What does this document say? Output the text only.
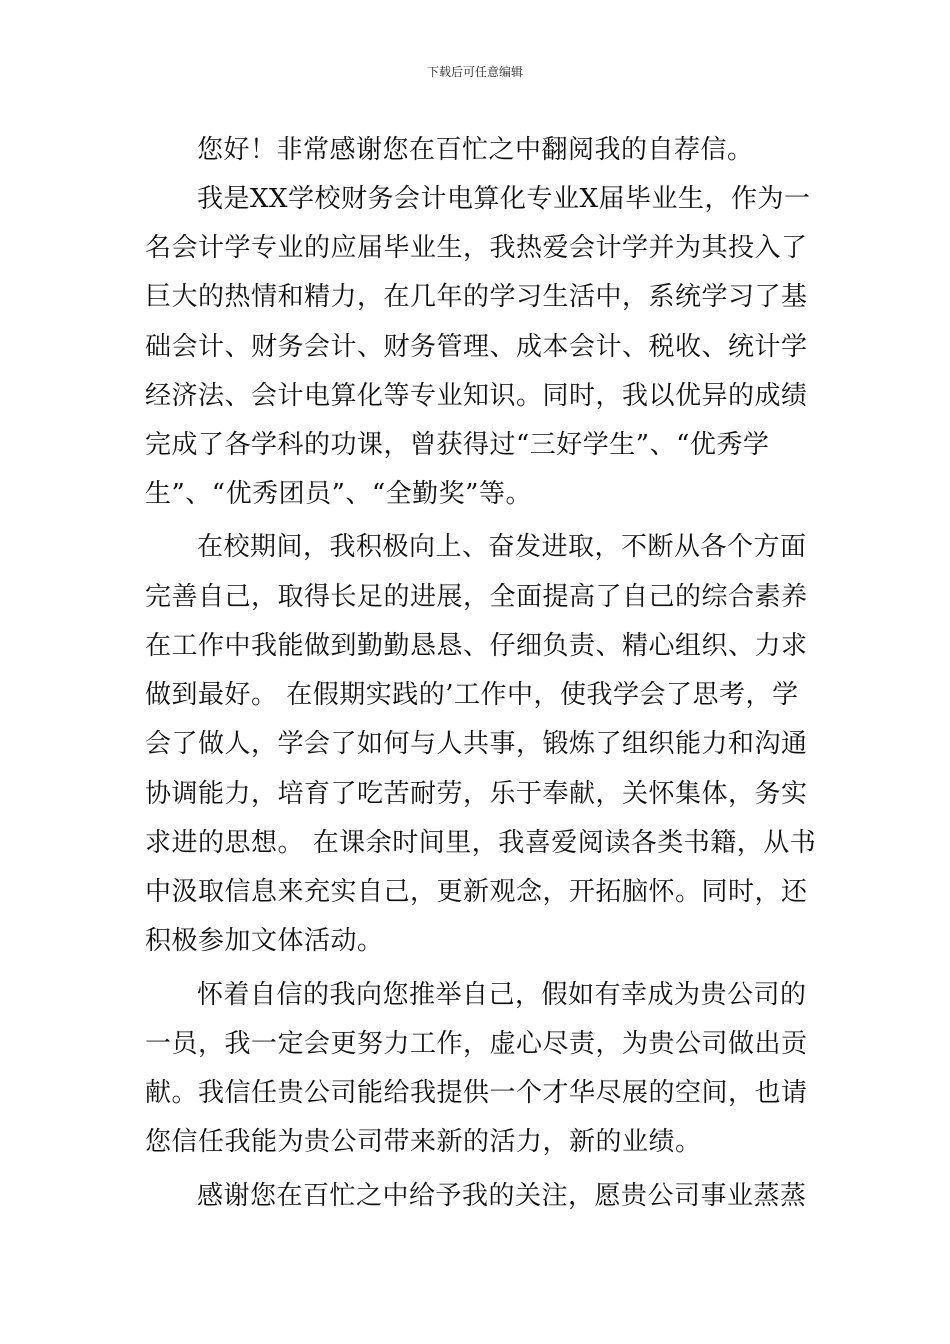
下载后可任意编辑
您好！非常感谢您在百忙之中翻阅我的自荐信。
我是XX学校财务会计电算化专业X届毕业生，作为一
名会计学专业的应届毕业生，我热爱会计学并为其投入了
巨大的热情和精力，在几年的学习生活中，系统学习了基
础会计、财务会计、财务管理、成本会计、税收、统计学
经济法、会计电算化等专业知识。同时，我以优异的成绩
完成了各学科的功课，曾获得过“三好学生”、“优秀学
生”、“优秀团员”、“全勤奖”等。
在校期间，我积极向上、奋发进取，不断从各个方面
完善自己，取得长足的进展，全面提高了自己的综合素养
在工作中我能做到勤勤恳恳、仔细负责、精心组织、力求
做到最好。 在假期实践的’工作中，使我学会了思考，学
会了做人，学会了如何与人共事，锻炼了组织能力和沟通
协调能力，培育了吃苦耐劳，乐于奉献，关怀集体，务实
求进的思想。 在课余时间里，我喜爱阅读各类书籍，从书
中汲取信息来充实自己，更新观念，开拓脑怀。同时，还
积极参加文体活动。
怀着自信的我向您推举自己，假如有幸成为贵公司的
一员，我一定会更努力工作，虚心尽责，为贵公司做出贡
献。我信任贵公司能给我提供一个才华尽展的空间，也请
您信任我能为贵公司带来新的活力，新的业绩。
感谢您在百忙之中给予我的关注，愿贵公司事业蒸蒸
